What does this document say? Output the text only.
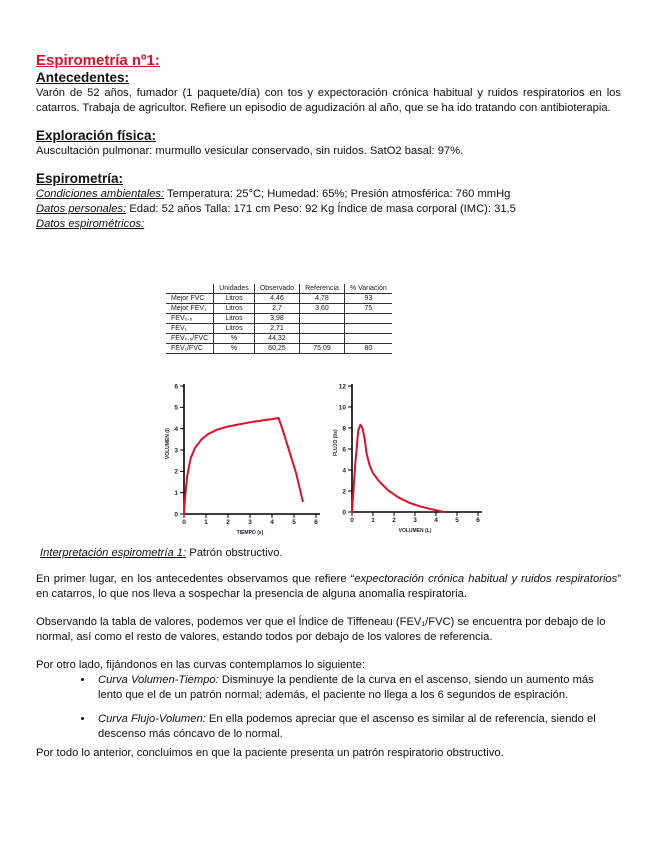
Espirometría nº1:

Antecedentes:

Varón de 52 años, fumador (1 paquete/día) con tos y expectoración crónica habitual y ruidos respiratorios en los catarros. Trabaja de agricultor. Refiere un episodio de agudización al año, que se ha ido tratando con antibioterapia.

Exploración física:

Auscultación pulmonar: murmullo vesicular conservado, sin ruidos. SatO2 basal: 97%.

Espirometría:

Condiciones ambientales: Temperatura: 25°C; Humedad: 65%; Presión atmosférica: 760 mmHg

Datos personales: Edad: 52 años Talla: 171 cm Peso: 92 Kg Índice de masa corporal (IMC): 31,5

Datos espirométricos:

	Unidades	Observado	Referencia	% Variación
Mejor FVC	Litros	4,46	4,78	93
Mejor FEV₁	Litros	2,7	3,60	75
FEV₀.₅	Litros	3,98		
FEV₁	Litros	2,71		
FEV₀.₅/FVC	%	44,32		
FEV₁/FVC	%	60,25	75,09	80
0	1	2	3	4	5	6
0
1
2
3
4
5
6
TIEMPO (s)
VOLUMEN (l)
0	1	2	3	4	5	6
0
2
4
6
8
10
12
VOLUMEN (L)
FLUJO (l/s)

Interpretación espirometría 1: Patrón obstructivo.

En primer lugar, en los antecedentes observamos que refiere “expectoración crónica habitual y ruidos respiratorios” en catarros, lo que nos lleva a sospechar la presencia de alguna anomalía respiratoria.

Observando la tabla de valores, podemos ver que el Índice de Tiffeneau (FEV₁/FVC) se encuentra por debajo de lo normal, así como el resto de valores, estando todos por debajo de los valores de referencia.

Por otro lado, fijándonos en las curvas contemplamos lo siguiente:

• Curva Volumen-Tiempo: Disminuye la pendiente de la curva en el ascenso, siendo un aumento más lento que el de un patrón normal; además, el paciente no llega a los 6 segundos de espiración.
• Curva Flujo-Volumen: En ella podemos apreciar que el ascenso es similar al de referencia, siendo el descenso más cóncavo de lo normal.

Por todo lo anterior, concluimos en que la paciente presenta un patrón respiratorio obstructivo.
